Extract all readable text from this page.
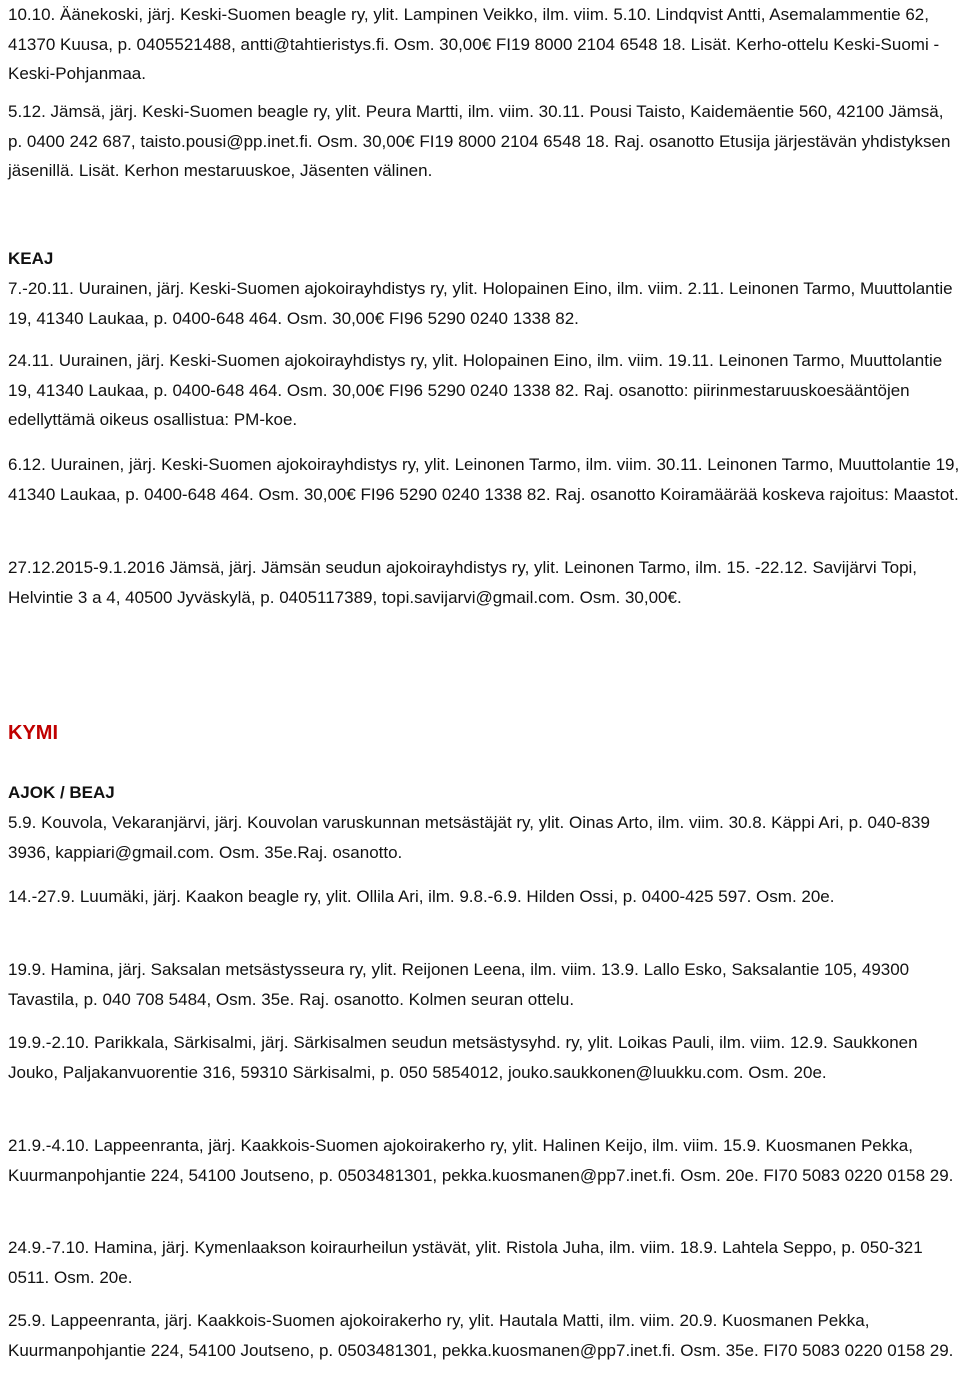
10.10. Äänekoski, järj. Keski-Suomen beagle ry, ylit. Lampinen Veikko, ilm. viim. 5.10. Lindqvist Antti, Asemalammentie 62, 41370 Kuusa, p. 0405521488, antti@tahtieristys.fi. Osm. 30,00€ FI19 8000 2104 6548 18. Lisät. Kerho-ottelu Keski-Suomi - Keski-Pohjanmaa.

5.12. Jämsä, järj. Keski-Suomen beagle ry, ylit. Peura Martti, ilm. viim. 30.11. Pousi Taisto, Kaidemäentie 560, 42100 Jämsä, p. 0400 242 687, taisto.pousi@pp.inet.fi. Osm. 30,00€ FI19 8000 2104 6548 18. Raj. osanotto Etusija järjestävän yhdistyksen jäsenillä. Lisät. Kerhon mestaruuskoe, Jäsenten välinen.

KEAJ

7.-20.11. Uurainen, järj. Keski-Suomen ajokoirayhdistys ry, ylit. Holopainen Eino, ilm. viim. 2.11. Leinonen Tarmo, Muuttolantie 19, 41340 Laukaa, p. 0400-648 464. Osm. 30,00€ FI96 5290 0240 1338 82.

24.11. Uurainen, järj. Keski-Suomen ajokoirayhdistys ry, ylit. Holopainen Eino, ilm. viim. 19.11. Leinonen Tarmo, Muuttolantie 19, 41340 Laukaa, p. 0400-648 464. Osm. 30,00€ FI96 5290 0240 1338 82. Raj. osanotto: piirinmestaruuskoesääntöjen edellyttämä oikeus osallistua: PM-koe.

6.12. Uurainen, järj. Keski-Suomen ajokoirayhdistys ry, ylit. Leinonen Tarmo, ilm. viim. 30.11. Leinonen Tarmo, Muuttolantie 19, 41340 Laukaa, p. 0400-648 464. Osm. 30,00€ FI96 5290 0240 1338 82. Raj. osanotto Koiramäärää koskeva rajoitus: Maastot.

27.12.2015-9.1.2016 Jämsä, järj. Jämsän seudun ajokoirayhdistys ry, ylit. Leinonen Tarmo, ilm. 15. -22.12. Savijärvi Topi, Helvintie 3 a 4, 40500 Jyväskylä, p. 0405117389, topi.savijarvi@gmail.com. Osm. 30,00€.

KYMI

AJOK / BEAJ

5.9. Kouvola, Vekaranjärvi, järj. Kouvolan varuskunnan metsästäjät ry, ylit. Oinas Arto, ilm. viim. 30.8. Käppi Ari, p. 040-839 3936, kappiari@gmail.com. Osm. 35e.Raj. osanotto.

14.-27.9. Luumäki, järj. Kaakon beagle ry, ylit. Ollila Ari, ilm. 9.8.-6.9. Hilden Ossi, p. 0400-425 597. Osm. 20e.

19.9. Hamina, järj. Saksalan metsästysseura ry, ylit. Reijonen Leena, ilm. viim. 13.9. Lallo Esko, Saksalantie 105, 49300 Tavastila, p. 040 708 5484, Osm. 35e. Raj. osanotto. Kolmen seuran ottelu.

19.9.-2.10. Parikkala, Särkisalmi, järj. Särkisalmen seudun metsästysyhd. ry, ylit. Loikas Pauli, ilm. viim. 12.9. Saukkonen Jouko, Paljakanvuorentie 316, 59310 Särkisalmi, p. 050 5854012, jouko.saukkonen@luukku.com. Osm. 20e.

21.9.-4.10. Lappeenranta, järj. Kaakkois-Suomen ajokoirakerho ry, ylit. Halinen Keijo, ilm. viim. 15.9. Kuosmanen Pekka, Kuurmanpohjantie 224, 54100 Joutseno, p. 0503481301, pekka.kuosmanen@pp7.inet.fi. Osm. 20e. FI70 5083 0220 0158 29.

24.9.-7.10. Hamina, järj. Kymenlaakson koiraurheilun ystävät, ylit. Ristola Juha, ilm. viim. 18.9. Lahtela Seppo, p. 050-321 0511. Osm. 20e.

25.9. Lappeenranta, järj. Kaakkois-Suomen ajokoirakerho ry, ylit. Hautala Matti, ilm. viim. 20.9. Kuosmanen Pekka, Kuurmanpohjantie 224, 54100 Joutseno, p. 0503481301, pekka.kuosmanen@pp7.inet.fi. Osm. 35e. FI70 5083 0220 0158 29.
